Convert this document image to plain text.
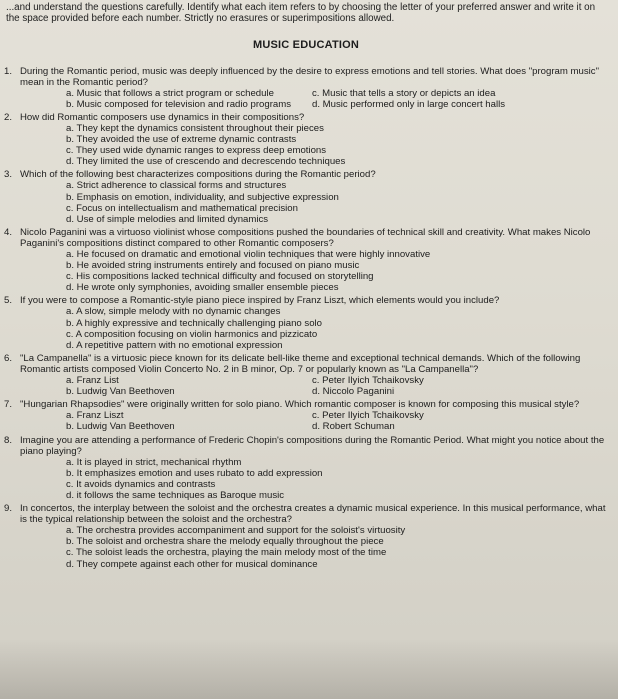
...and understand the questions carefully. Identify what each item refers to by choosing the letter of your preferred answer and write it on the space provided before each number. Strictly no erasures or superimpositions allowed.
MUSIC EDUCATION
1. During the Romantic period, music was deeply influenced by the desire to express emotions and tell stories. What does "program music" mean in the Romantic period?
a. Music that follows a strict program or schedule	c. Music that tells a story or depicts an idea
b. Music composed for television and radio programs	d. Music performed only in large concert halls
2. How did Romantic composers use dynamics in their compositions?
a. They kept the dynamics consistent throughout their pieces
b. They avoided the use of extreme dynamic contrasts
c. They used wide dynamic ranges to express deep emotions
d. They limited the use of crescendo and decrescendo techniques
3. Which of the following best characterizes compositions during the Romantic period?
a. Strict adherence to classical forms and structures
b. Emphasis on emotion, individuality, and subjective expression
c. Focus on intellectualism and mathematical precision
d. Use of simple melodies and limited dynamics
4. Nicolo Paganini was a virtuoso violinist whose compositions pushed the boundaries of technical skill and creativity. What makes Nicolo Paganini's compositions distinct compared to other Romantic composers?
a. He focused on dramatic and emotional violin techniques that were highly innovative
b. He avoided string instruments entirely and focused on piano music
c. His compositions lacked technical difficulty and focused on storytelling
d. He wrote only symphonies, avoiding smaller ensemble pieces
5. If you were to compose a Romantic-style piano piece inspired by Franz Liszt, which elements would you include?
a. A slow, simple melody with no dynamic changes
b. A highly expressive and technically challenging piano solo
c. A composition focusing on violin harmonics and pizzicato
d. A repetitive pattern with no emotional expression
6. "La Campanella" is a virtuosic piece known for its delicate bell-like theme and exceptional technical demands. Which of the following Romantic artists composed Violin Concerto No. 2 in B minor, Op. 7 or popularly known as "La Campanella"?
a. Franz List	c. Peter Ilyich Tchaikovsky
b. Ludwig Van Beethoven	d. Niccolo Paganini
7. "Hungarian Rhapsodies" were originally written for solo piano. Which romantic composer is known for composing this musical style?
a. Franz Liszt	c. Peter Ilyich Tchaikovsky
b. Ludwig Van Beethoven	d. Robert Schuman
8. Imagine you are attending a performance of Frederic Chopin's compositions during the Romantic Period. What might you notice about the piano playing?
a. It is played in strict, mechanical rhythm
b. It emphasizes emotion and uses rubato to add expression
c. It avoids dynamics and contrasts
d. it follows the same techniques as Baroque music
9. In concertos, the interplay between the soloist and the orchestra creates a dynamic musical experience. In this musical performance, what is the typical relationship between the soloist and the orchestra?
a. The orchestra provides accompaniment and support for the soloist's virtuosity
b. The soloist and orchestra share the melody equally throughout the piece
c. The soloist leads the orchestra, playing the main melody most of the time
d. They compete against each other for musical dominance
